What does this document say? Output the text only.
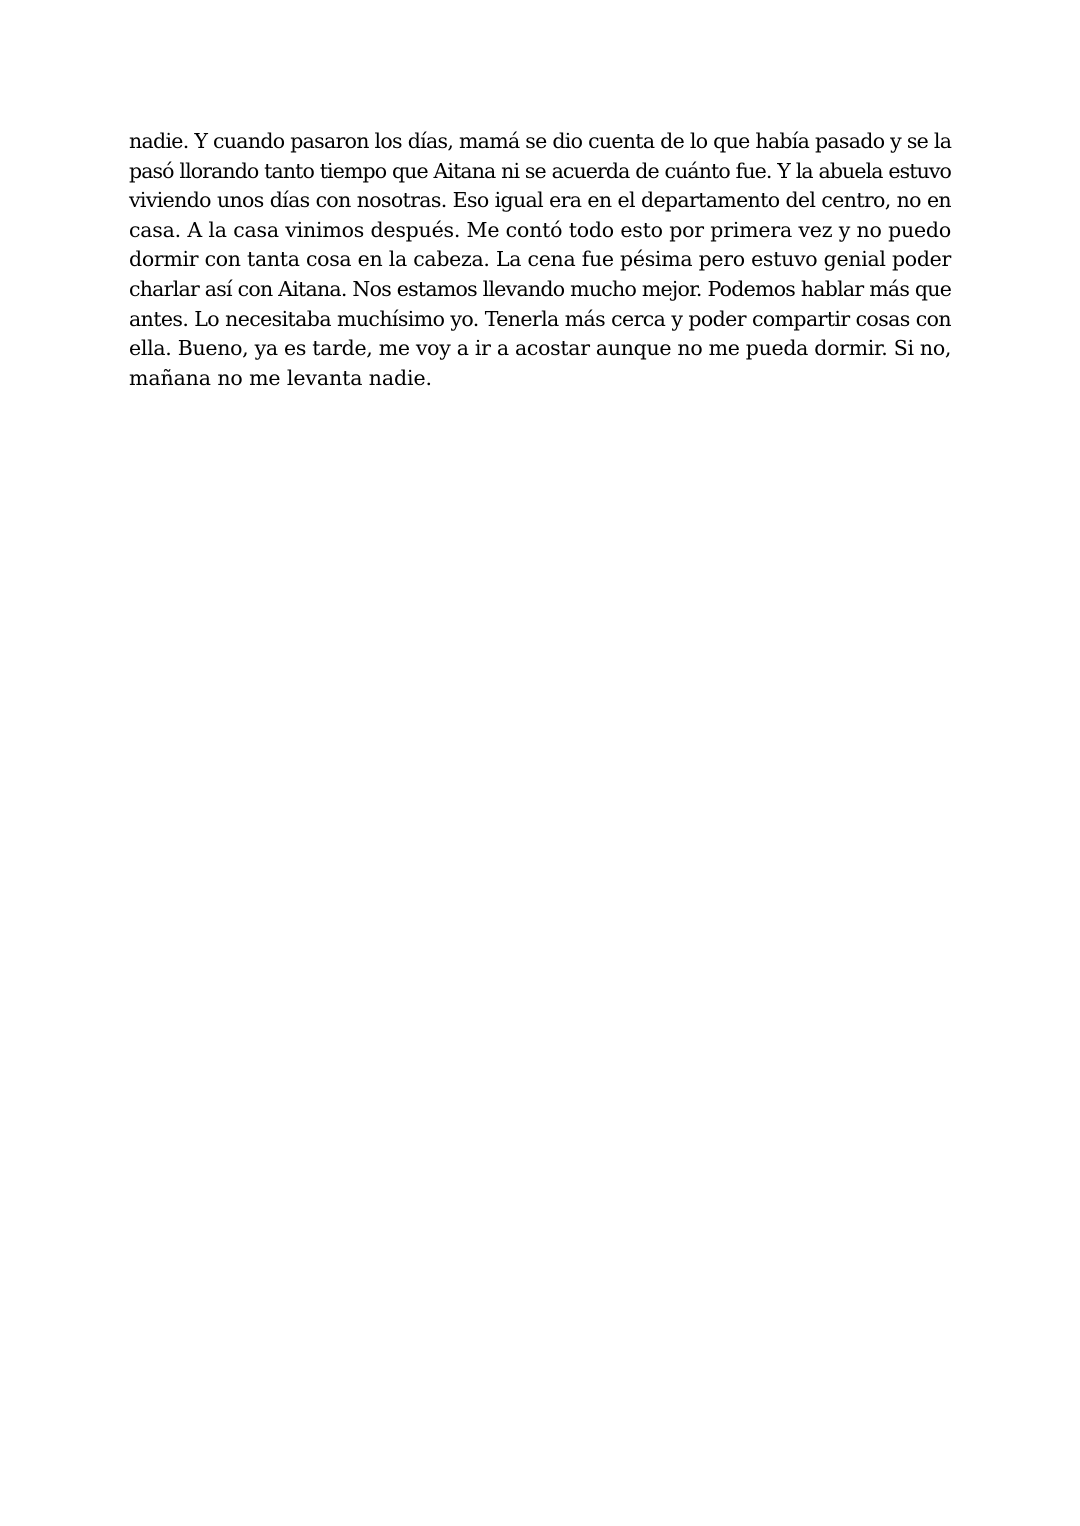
nadie. Y cuando pasaron los días, mamá se dio cuenta de lo que había pasado y se la
pasó llorando tanto tiempo que Aitana ni se acuerda de cuánto fue. Y la abuela estuvo
viviendo unos días con nosotras. Eso igual era en el departamento del centro, no en
casa. A la casa vinimos después. Me contó todo esto por primera vez y no puedo
dormir con tanta cosa en la cabeza. La cena fue pésima pero estuvo genial poder
charlar así con Aitana. Nos estamos llevando mucho mejor. Podemos hablar más que
antes. Lo necesitaba muchísimo yo. Tenerla más cerca y poder compartir cosas con
ella. Bueno, ya es tarde, me voy a ir a acostar aunque no me pueda dormir. Si no,
mañana no me levanta nadie.
